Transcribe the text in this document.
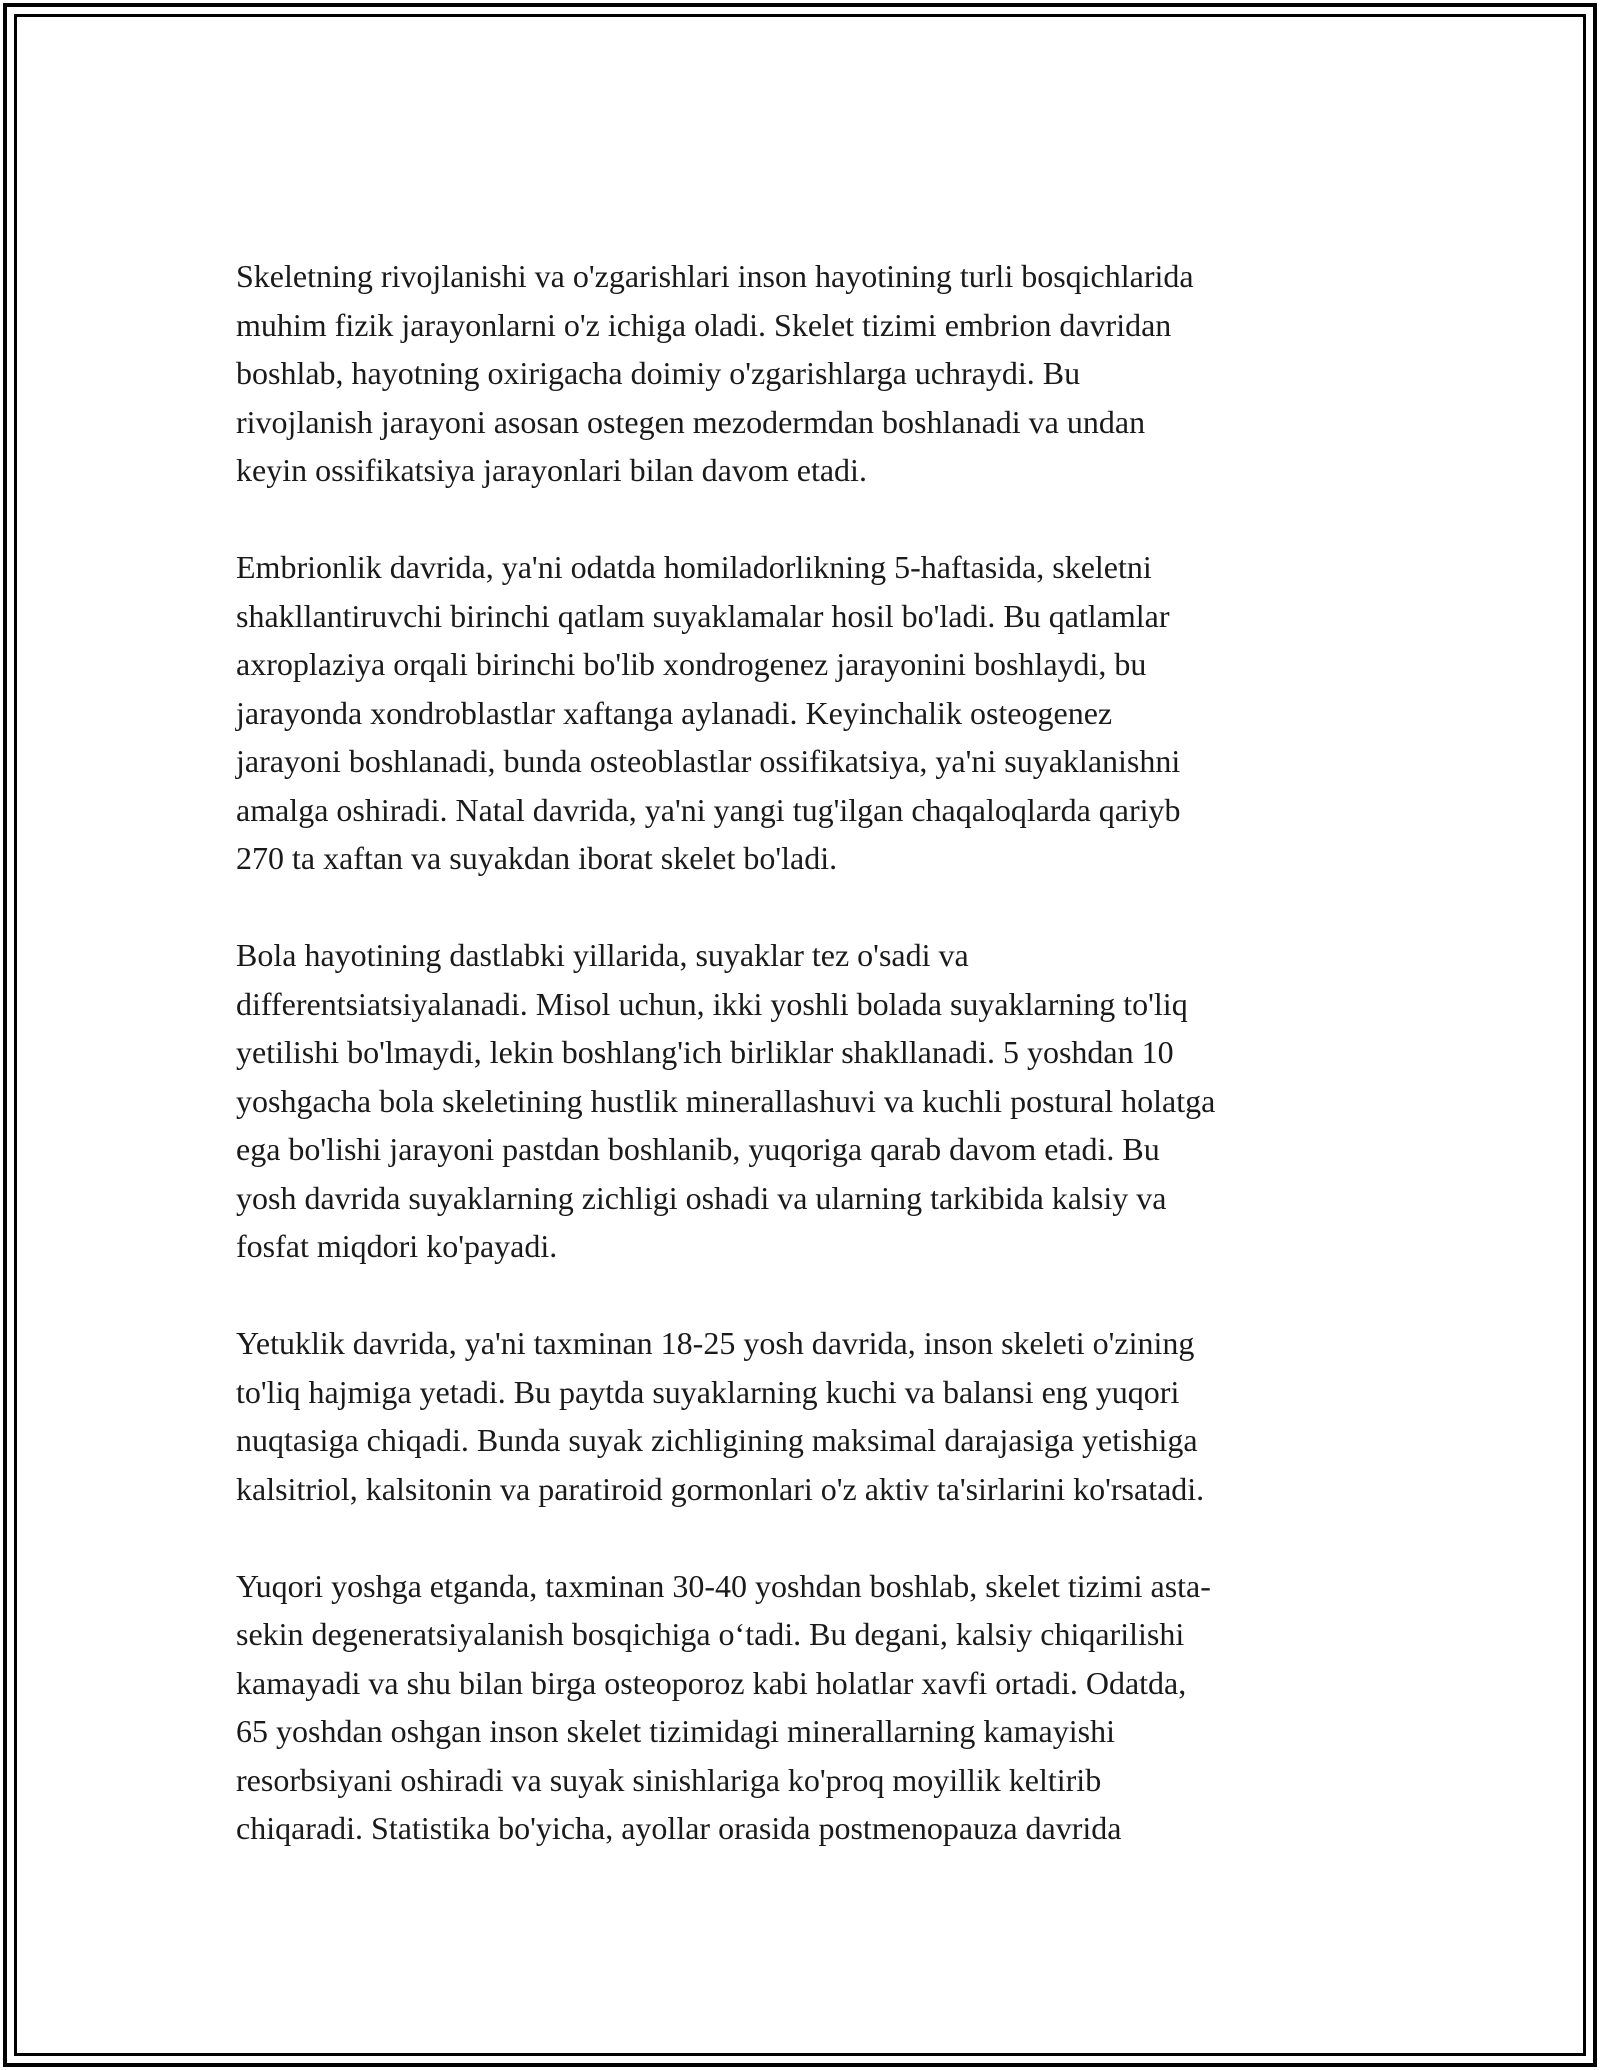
Skeletning rivojlanishi va o'zgarishlari inson hayotining turli bosqichlarida
muhim fizik jarayonlarni o'z ichiga oladi. Skelet tizimi embrion davridan
boshlab, hayotning oxirigacha doimiy o'zgarishlarga uchraydi. Bu
rivojlanish jarayoni asosan ostegen mezodermdan boshlanadi va undan
keyin ossifikatsiya jarayonlari bilan davom etadi.

Embrionlik davrida, ya'ni odatda homiladorlikning 5-haftasida, skeletni
shakllantiruvchi birinchi qatlam suyaklamalar hosil bo'ladi. Bu qatlamlar
axroplaziya orqali birinchi bo'lib xondrogenez jarayonini boshlaydi, bu
jarayonda xondroblastlar xaftanga aylanadi. Keyinchalik osteogenez
jarayoni boshlanadi, bunda osteoblastlar ossifikatsiya, ya'ni suyaklanishni
amalga oshiradi. Natal davrida, ya'ni yangi tug'ilgan chaqaloqlarda qariyb
270 ta xaftan va suyakdan iborat skelet bo'ladi.

Bola hayotining dastlabki yillarida, suyaklar tez o'sadi va
differentsiatsiyalanadi. Misol uchun, ikki yoshli bolada suyaklarning to'liq
yetilishi bo'lmaydi, lekin boshlang'ich birliklar shakllanadi. 5 yoshdan 10
yoshgacha bola skeletining hustlik minerallashuvi va kuchli postural holatga
ega bo'lishi jarayoni pastdan boshlanib, yuqoriga qarab davom etadi. Bu
yosh davrida suyaklarning zichligi oshadi va ularning tarkibida kalsiy va
fosfat miqdori ko'payadi.

Yetuklik davrida, ya'ni taxminan 18-25 yosh davrida, inson skeleti o'zining
to'liq hajmiga yetadi. Bu paytda suyaklarning kuchi va balansi eng yuqori
nuqtasiga chiqadi. Bunda suyak zichligining maksimal darajasiga yetishiga
kalsitriol, kalsitonin va paratiroid gormonlari o'z aktiv ta'sirlarini ko'rsatadi.

Yuqori yoshga etganda, taxminan 30-40 yoshdan boshlab, skelet tizimi asta-
sekin degeneratsiyalanish bosqichiga o‘tadi. Bu degani, kalsiy chiqarilishi
kamayadi va shu bilan birga osteoporoz kabi holatlar xavfi ortadi. Odatda,
65 yoshdan oshgan inson skelet tizimidagi minerallarning kamayishi
resorbsiyani oshiradi va suyak sinishlariga ko'proq moyillik keltirib
chiqaradi. Statistika bo'yicha, ayollar orasida postmenopauza davrida
